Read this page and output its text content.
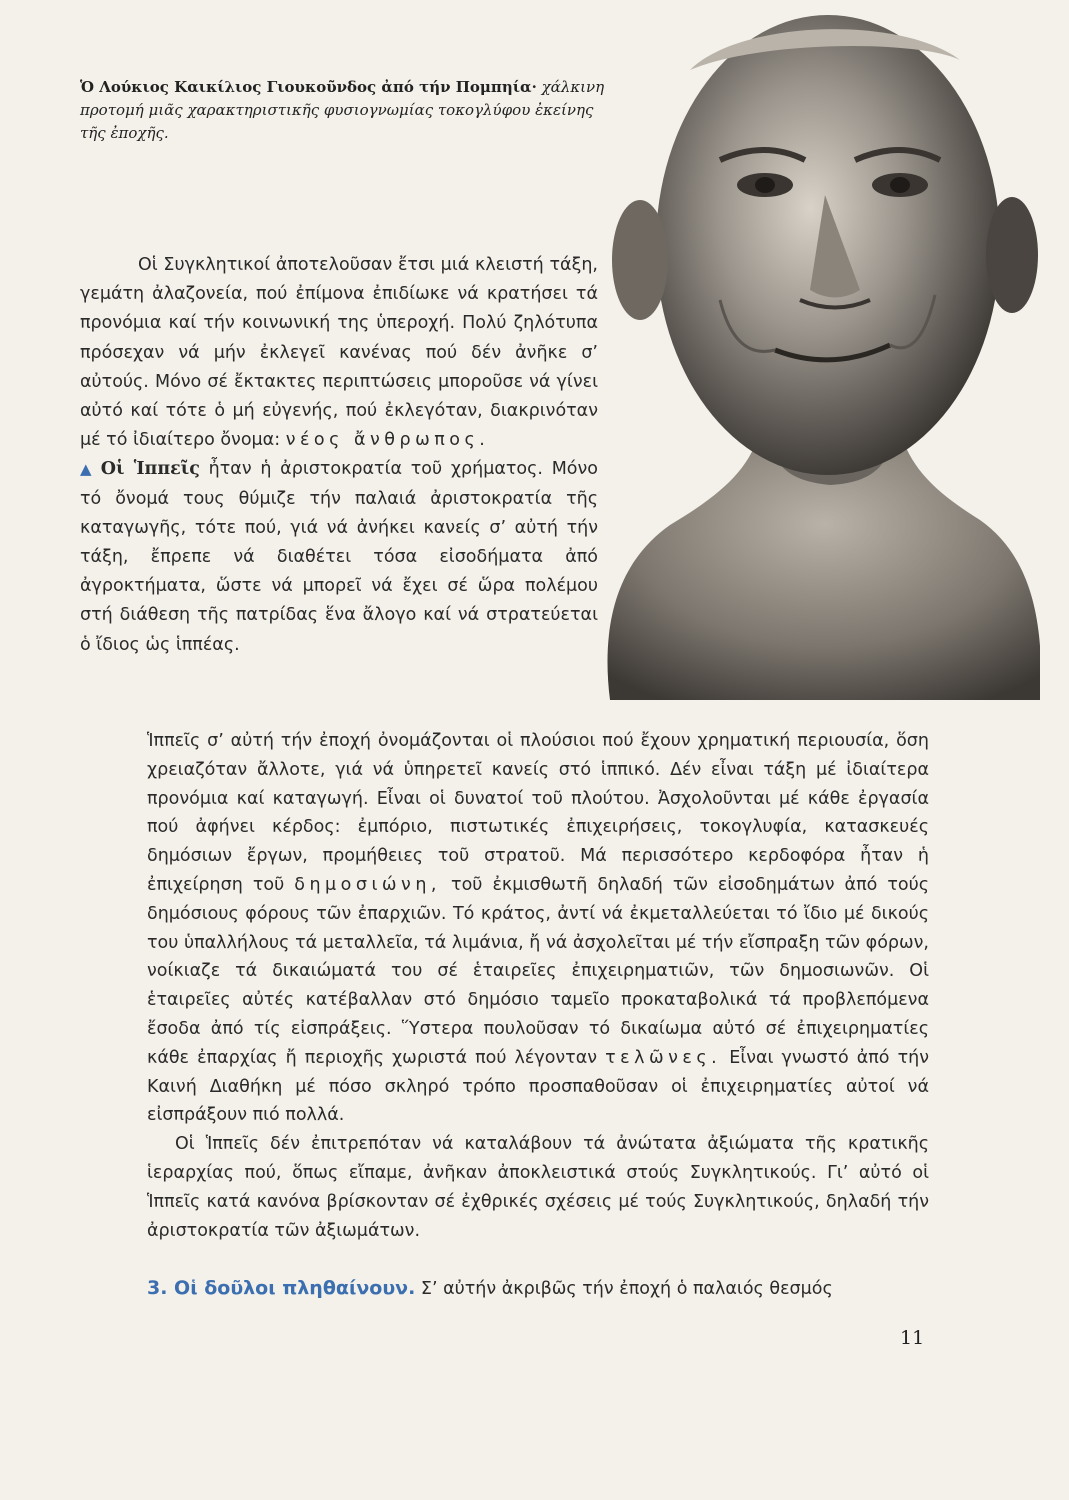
Ὁ Λούκιος Καικίλιος Γιουκοῦνδος ἀπό τήν Πομπηία· χάλκινη προτομή μιᾶς χαρακτηριστικῆς φυσιογνωμίας τοκογλύφου ἐκείνης τῆς ἐποχῆς.

Οἱ Συγκλητικοί ἀποτελοῦσαν ἔτσι μιά κλειστή τάξη, γεμάτη ἀλαζονεία, πού ἐπίμονα ἐπιδίωκε νά κρατήσει τά προνόμια καί τήν κοινωνική της ὑπεροχή. Πολύ ζηλότυπα πρόσεχαν νά μήν ἐκλεγεῖ κανένας πού δέν ἀνῆκε σ’ αὐτούς. Μόνο σέ ἔκτακτες περιπτώσεις μποροῦσε νά γίνει αὐτό καί τότε ὁ μή εὐγενής, πού ἐκλεγόταν, διακρινόταν μέ τό ἰδιαίτερο ὄνομα: νέος ἄνθρωπος.

▲ Οἱ Ἱππεῖς ἦταν ἡ ἀριστοκρατία τοῦ χρήματος. Μόνο τό ὄνομά τους θύμιζε τήν παλαιά ἀριστοκρατία τῆς καταγωγῆς, τότε πού, γιά νά ἀνήκει κανείς σ’ αὐτή τήν τάξη, ἔπρεπε νά διαθέτει τόσα εἰσοδήματα ἀπό ἀγροκτήματα, ὥστε νά μπορεῖ νά ἔχει σέ ὥρα πολέμου στή διάθεση τῆς πατρίδας ἕνα ἄλογο καί νά στρατεύεται ὁ ἴδιος ὡς ἱππέας.

Ἱππεῖς σ’ αὐτή τήν ἐποχή ὀνομάζονται οἱ πλούσιοι πού ἔχουν χρηματική περιουσία, ὅση χρειαζόταν ἄλλοτε, γιά νά ὑπηρετεῖ κανείς στό ἱππικό. Δέν εἶναι τάξη μέ ἰδιαίτερα προνόμια καί καταγωγή. Εἶναι οἱ δυνατοί τοῦ πλούτου. Ἀσχολοῦνται μέ κάθε ἐργασία πού ἀφήνει κέρδος: ἐμπόριο, πιστωτικές ἐπιχειρήσεις, τοκογλυφία, κατασκευές δημόσιων ἔργων, προμήθειες τοῦ στρατοῦ. Μά περισσότερο κερδοφόρα ἦταν ἡ ἐπιχείρηση τοῦ δημοσιώνη, τοῦ ἐκμισθωτῆ δηλαδή τῶν εἰσοδημάτων ἀπό τούς δημόσιους φόρους τῶν ἐπαρχιῶν. Τό κράτος, ἀντί νά ἐκμεταλλεύεται τό ἴδιο μέ δικούς του ὑπαλλήλους τά μεταλλεῖα, τά λιμάνια, ἤ νά ἀσχολεῖται μέ τήν εἴσπραξη τῶν φόρων, νοίκιαζε τά δικαιώματά του σέ ἑταιρεῖες ἐπιχειρηματιῶν, τῶν δημοσιωνῶν. Οἱ ἑταιρεῖες αὐτές κατέβαλλαν στό δημόσιο ταμεῖο προκαταβολικά τά προβλεπόμενα ἔσοδα ἀπό τίς εἰσπράξεις. Ὕστερα πουλοῦσαν τό δικαίωμα αὐτό σέ ἐπιχειρηματίες κάθε ἐπαρχίας ἤ περιοχῆς χωριστά πού λέγονταν τελῶνες. Εἶναι γνωστό ἀπό τήν Καινή Διαθήκη μέ πόσο σκληρό τρόπο προσπαθοῦσαν οἱ ἐπιχειρηματίες αὐτοί νά εἰσπράξουν πιό πολλά.

Οἱ Ἱππεῖς δέν ἐπιτρεπόταν νά καταλάβουν τά ἀνώτατα ἀξιώματα τῆς κρατικῆς ἱεραρχίας πού, ὅπως εἴπαμε, ἀνῆκαν ἀποκλειστικά στούς Συγκλητικούς. Γι’ αὐτό οἱ Ἱππεῖς κατά κανόνα βρίσκονταν σέ ἐχθρικές σχέσεις μέ τούς Συγκλητικούς, δηλαδή τήν ἀριστοκρατία τῶν ἀξιωμάτων.

3. Οἱ δοῦλοι πληθαίνουν. Σ’ αὐτήν ἀκριβῶς τήν ἐποχή ὁ παλαιός θεσμός

11
